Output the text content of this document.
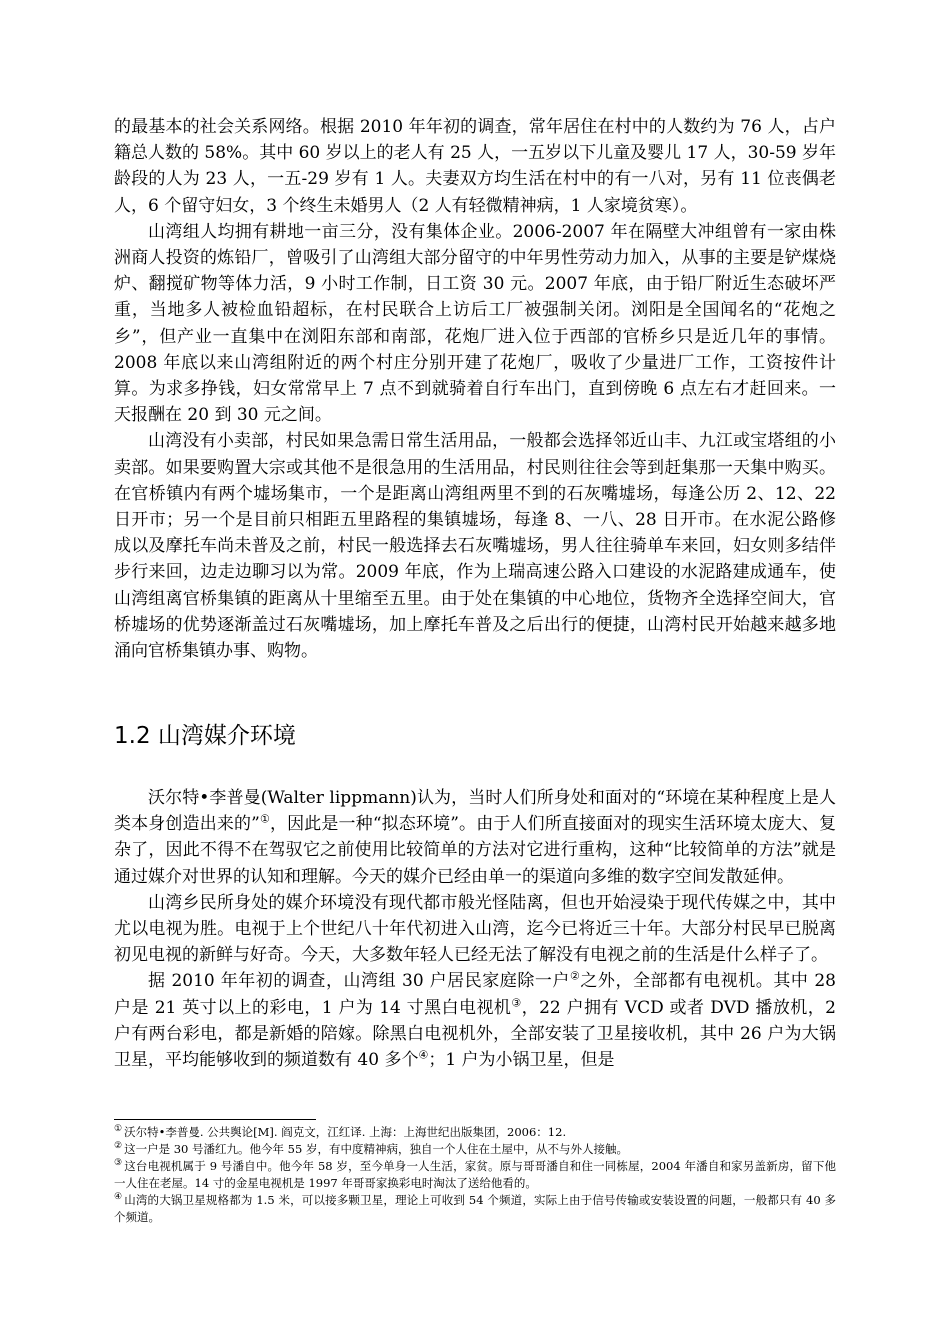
的最基本的社会关系网络。根据 2010 年年初的调查，常年居住在村中的人数约为 76 人，占户籍总人数的 58%。其中 60 岁以上的老人有 25 人，一五岁以下儿童及婴儿 17 人，30-59 岁年龄段的人为 23 人，一五-29 岁有 1 人。夫妻双方均生活在村中的有一八对，另有 11 位丧偶老人，6 个留守妇女，3 个终生未婚男人（2 人有轻微精神病，1 人家境贫寒）。

山湾组人均拥有耕地一亩三分，没有集体企业。2006-2007 年在隔壁大冲组曾有一家由株洲商人投资的炼铅厂，曾吸引了山湾组大部分留守的中年男性劳动力加入，从事的主要是铲煤烧炉、翻搅矿物等体力活，9 小时工作制，日工资 30 元。2007 年底，由于铅厂附近生态破坏严重，当地多人被检血铅超标，在村民联合上访后工厂被强制关闭。浏阳是全国闻名的“花炮之乡”，但产业一直集中在浏阳东部和南部，花炮厂进入位于西部的官桥乡只是近几年的事情。2008 年底以来山湾组附近的两个村庄分别开建了花炮厂，吸收了少量进厂工作，工资按件计算。为求多挣钱，妇女常常早上 7 点不到就骑着自行车出门，直到傍晚 6 点左右才赶回来。一天报酬在 20 到 30 元之间。

山湾没有小卖部，村民如果急需日常生活用品，一般都会选择邻近山丰、九江或宝塔组的小卖部。如果要购置大宗或其他不是很急用的生活用品，村民则往往会等到赶集那一天集中购买。在官桥镇内有两个墟场集市，一个是距离山湾组两里不到的石灰嘴墟场，每逢公历 2、12、22 日开市；另一个是目前只相距五里路程的集镇墟场，每逢 8、一八、28 日开市。在水泥公路修成以及摩托车尚未普及之前，村民一般选择去石灰嘴墟场，男人往往骑单车来回，妇女则多结伴步行来回，边走边聊习以为常。2009 年底，作为上瑞高速公路入口建设的水泥路建成通车，使山湾组离官桥集镇的距离从十里缩至五里。由于处在集镇的中心地位，货物齐全选择空间大，官桥墟场的优势逐渐盖过石灰嘴墟场，加上摩托车普及之后出行的便捷，山湾村民开始越来越多地涌向官桥集镇办事、购物。

1.2 山湾媒介环境

沃尔特•李普曼(Walter lippmann)认为，当时人们所身处和面对的“环境在某种程度上是人类本身创造出来的”①，因此是一种“拟态环境”。由于人们所直接面对的现实生活环境太庞大、复杂了，因此不得不在驾驭它之前使用比较简单的方法对它进行重构，这种“比较简单的方法”就是通过媒介对世界的认知和理解。今天的媒介已经由单一的渠道向多维的数字空间发散延伸。

山湾乡民所身处的媒介环境没有现代都市般光怪陆离，但也开始浸染于现代传媒之中，其中尤以电视为胜。电视于上个世纪八十年代初进入山湾，迄今已将近三十年。大部分村民早已脱离初见电视的新鲜与好奇。今天，大多数年轻人已经无法了解没有电视之前的生活是什么样子了。

据 2010 年年初的调查，山湾组 30 户居民家庭除一户②之外，全部都有电视机。其中 28 户是 21 英寸以上的彩电，1 户为 14 寸黑白电视机③，22 户拥有 VCD 或者 DVD 播放机，2 户有两台彩电，都是新婚的陪嫁。除黑白电视机外，全部安装了卫星接收机，其中 26 户为大锅卫星，平均能够收到的频道数有 40 多个④；1 户为小锅卫星，但是

① 沃尔特•李普曼. 公共舆论[M]. 阎克文，江红译. 上海：上海世纪出版集团，2006：12.

② 这一户是 30 号潘红九。他今年 55 岁，有中度精神病，独自一个人住在土屋中，从不与外人接触。

③ 这台电视机属于 9 号潘自中。他今年 58 岁，至今单身一人生活，家贫。原与哥哥潘自和住一同栋屋，2004 年潘自和家另盖新房，留下他一人住在老屋。14 寸的金星电视机是 1997 年哥哥家换彩电时淘汰了送给他看的。

④ 山湾的大锅卫星规格都为 1.5 米，可以接多颗卫星，理论上可收到 54 个频道，实际上由于信号传输或安装设置的问题，一般都只有 40 多个频道。
